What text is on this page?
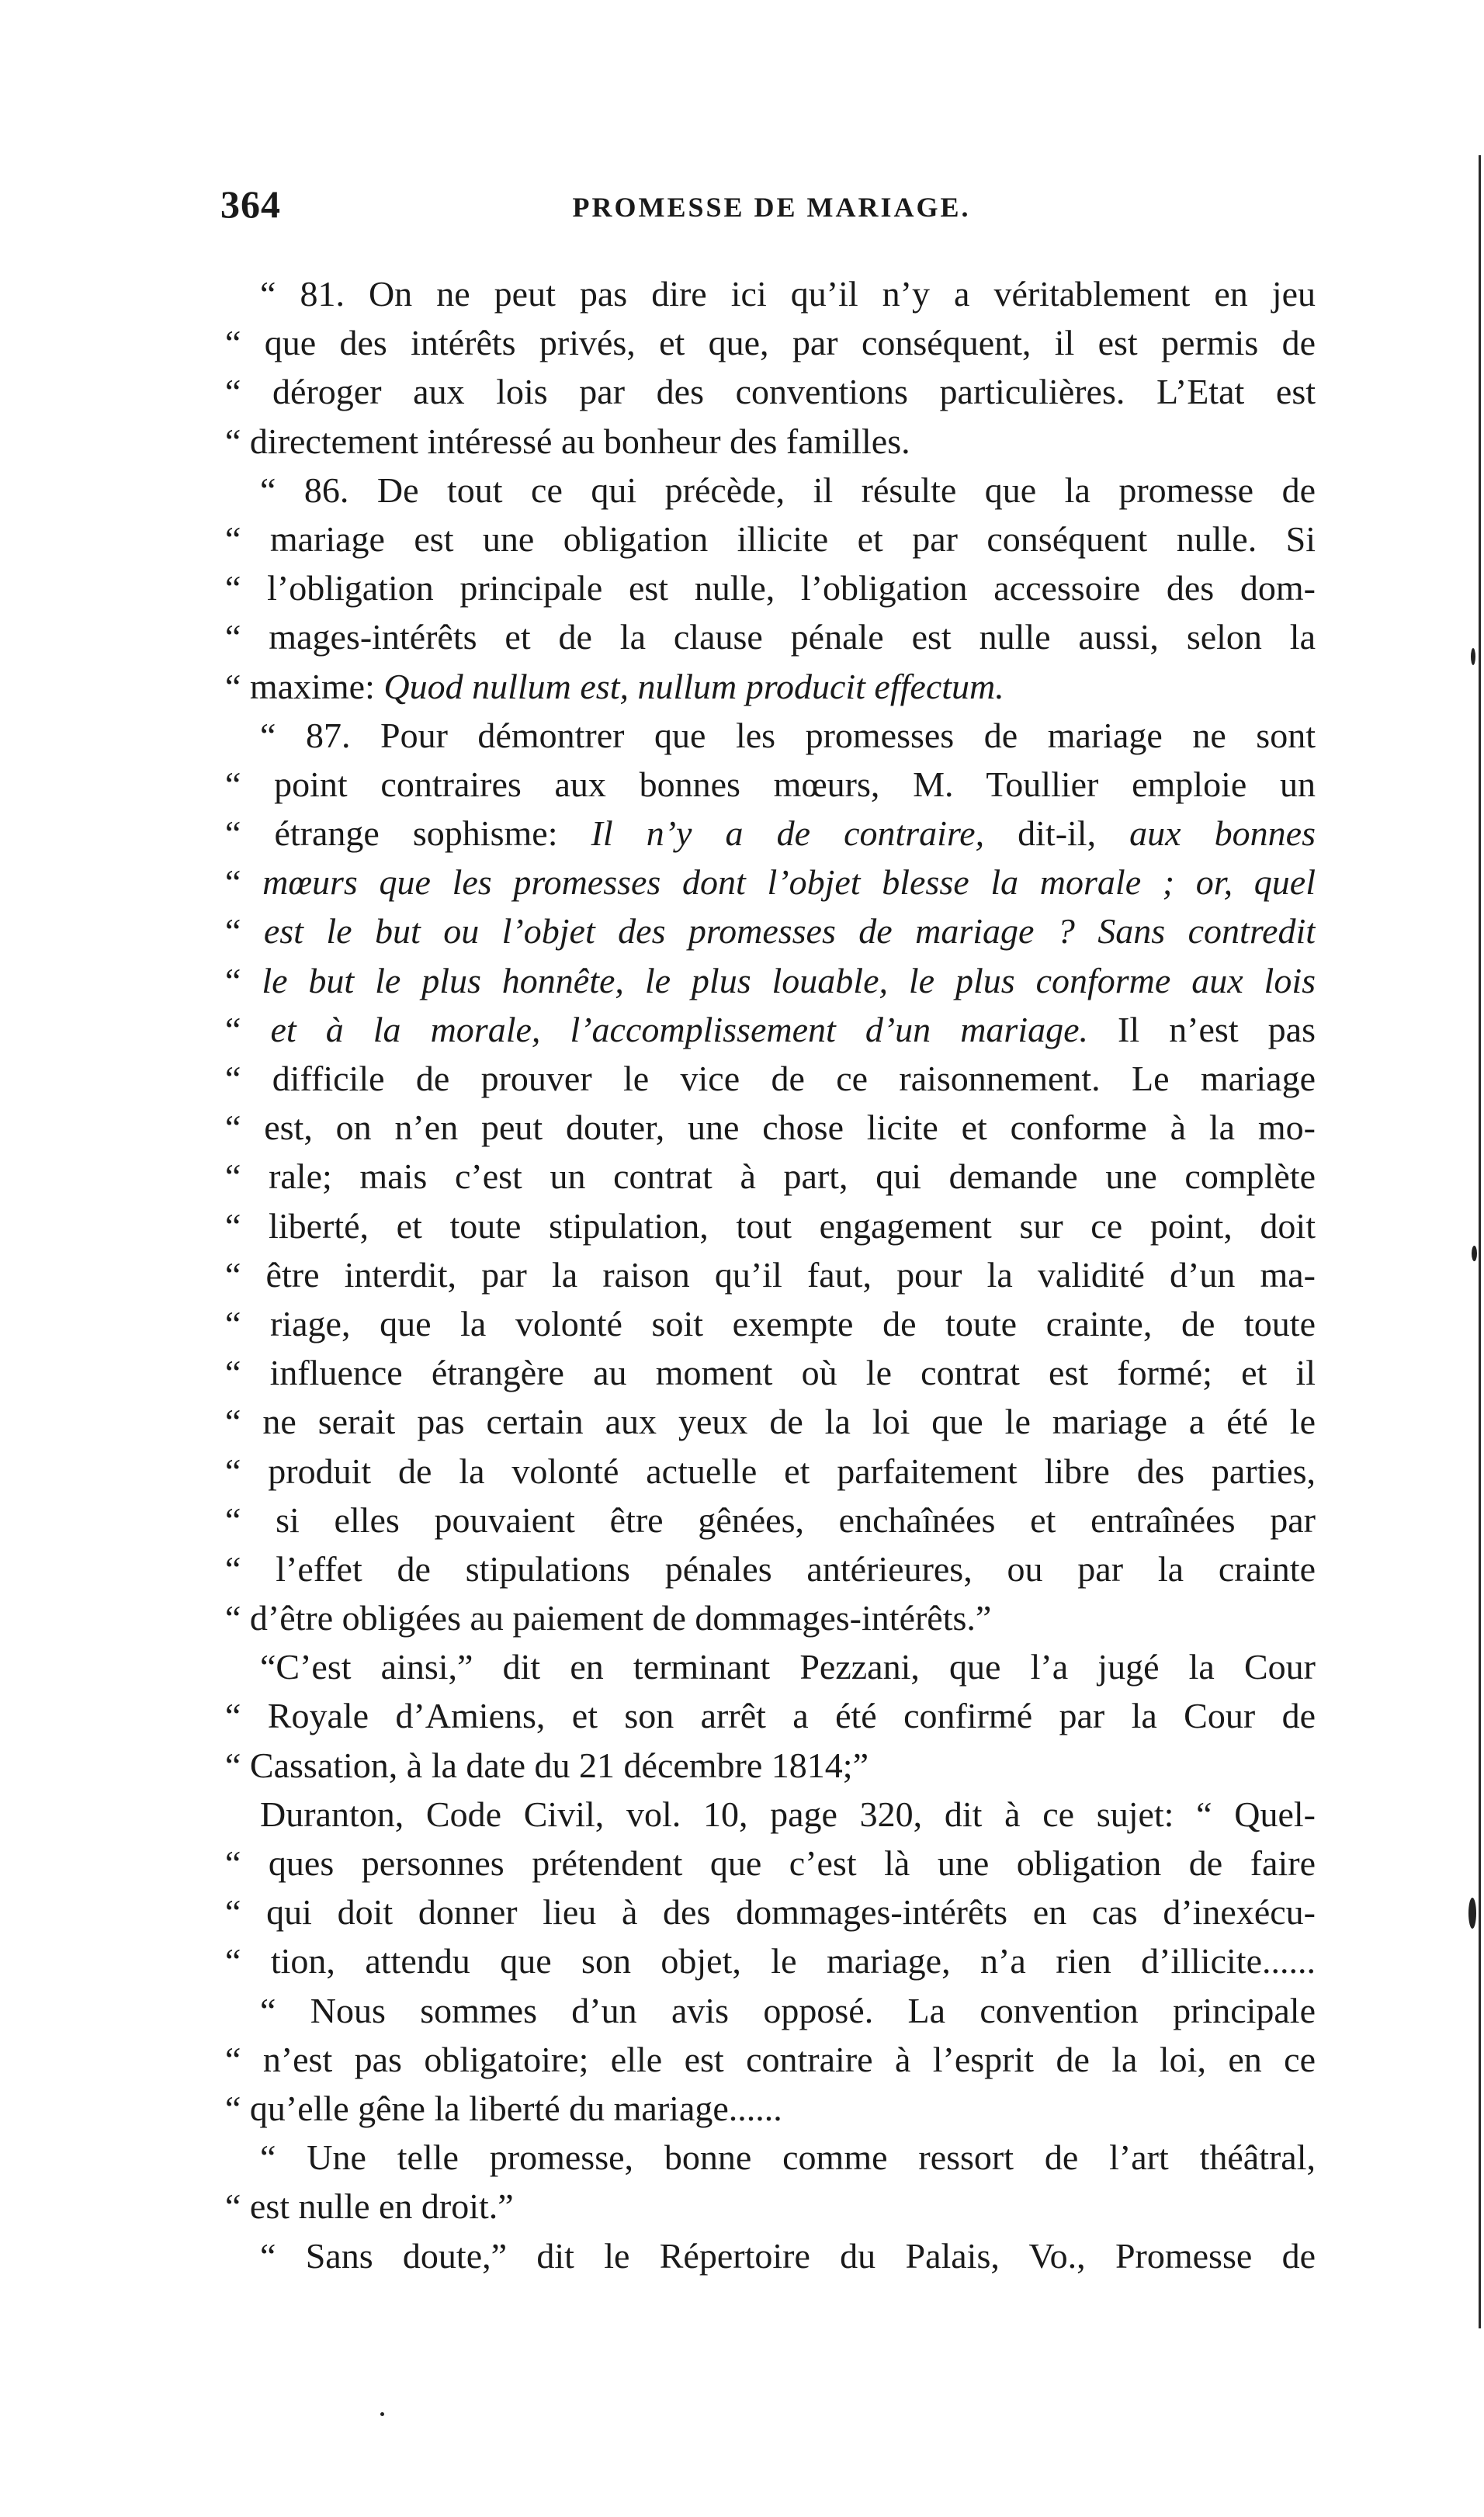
364	PROMESSE DE MARIAGE.
“ 81. On ne peut pas dire ici qu’il n’y a véritablement en jeu
“ que des intérêts privés, et que, par conséquent, il est permis de
“ déroger aux lois par des conventions particulières. L’Etat est
“ directement intéressé au bonheur des familles.
“ 86. De tout ce qui précède, il résulte que la promesse de
“ mariage est une obligation illicite et par conséquent nulle. Si
“ l’obligation principale est nulle, l’obligation accessoire des dom-
“ mages-intérêts et de la clause pénale est nulle aussi, selon la
“ maxime: Quod nullum est, nullum producit effectum.
“ 87. Pour démontrer que les promesses de mariage ne sont
“ point contraires aux bonnes mœurs, M. Toullier emploie un
“ étrange sophisme: Il n’y a de contraire, dit-il, aux bonnes
“ mœurs que les promesses dont l’objet blesse la morale ; or, quel
“ est le but ou l’objet des promesses de mariage ? Sans contredit
“ le but le plus honnête, le plus louable, le plus conforme aux lois
“ et à la morale, l’accomplissement d’un mariage. Il n’est pas
“ difficile de prouver le vice de ce raisonnement. Le mariage
“ est, on n’en peut douter, une chose licite et conforme à la mo-
“ rale; mais c’est un contrat à part, qui demande une complète
“ liberté, et toute stipulation, tout engagement sur ce point, doit
“ être interdit, par la raison qu’il faut, pour la validité d’un ma-
“ riage, que la volonté soit exempte de toute crainte, de toute
“ influence étrangère au moment où le contrat est formé; et il
“ ne serait pas certain aux yeux de la loi que le mariage a été le
“ produit de la volonté actuelle et parfaitement libre des parties,
“ si elles pouvaient être gênées, enchaînées et entraînées par
“ l’effet de stipulations pénales antérieures, ou par la crainte
“ d’être obligées au paiement de dommages-intérêts.”
“C’est ainsi,” dit en terminant Pezzani, que l’a jugé la Cour
“ Royale d’Amiens, et son arrêt a été confirmé par la Cour de
“ Cassation, à la date du 21 décembre 1814;”
Duranton, Code Civil, vol. 10, page 320, dit à ce sujet: “ Quel-
“ ques personnes prétendent que c’est là une obligation de faire
“ qui doit donner lieu à des dommages-intérêts en cas d’inexécu-
“ tion, attendu que son objet, le mariage, n’a rien d’illicite......
“ Nous sommes d’un avis opposé. La convention principale
“ n’est pas obligatoire; elle est contraire à l’esprit de la loi, en ce
“ qu’elle gêne la liberté du mariage......
“ Une telle promesse, bonne comme ressort de l’art théâtral,
“ est nulle en droit.”
“ Sans doute,” dit le Répertoire du Palais, Vo., Promesse de
